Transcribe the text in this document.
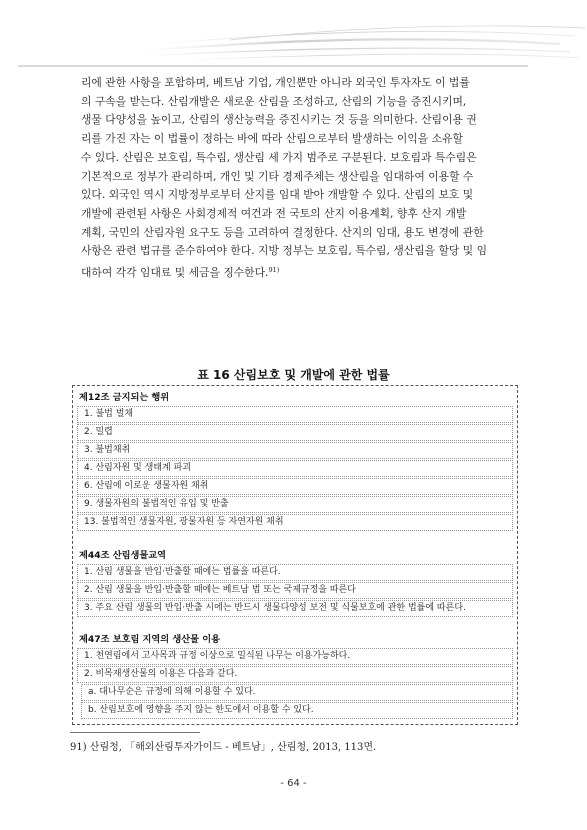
리에 관한 사항을 포함하며, 베트남 기업, 개인뿐만 아니라 외국인 투자자도 이 법률
의 구속을 받는다. 산림개발은 새로운 산림을 조성하고, 산림의 기능을 증진시키며,
생물 다양성을 높이고, 산림의 생산능력을 증진시키는 것 등을 의미한다. 산림이용 권
리를 가진 자는 이 법률이 정하는 바에 따라 산림으로부터 발생하는 이익을 소유할
수 있다. 산림은 보호림, 특수림, 생산림 세 가지 범주로 구분된다. 보호림과 특수림은
기본적으로 정부가 관리하며, 개인 및 기타 경제주체는 생산림을 임대하여 이용할 수
있다. 외국인 역시 지방정부로부터 산지를 임대 받아 개발할 수 있다. 산림의 보호 및
개발에 관련된 사항은 사회경제적 여건과 전 국토의 산지 이용계획, 향후 산지 개발
계획, 국민의 산림자원 요구도 등을 고려하여 결정한다. 산지의 임대, 용도 변경에 관한
사항은 관련 법규를 준수하여야 한다. 지방 정부는 보호림, 특수림, 생산림을 할당 및 임
대하여 각각 임대료 및 세금을 징수한다.$^{91)}$
표 16 산림보호 및 개발에 관한 법률
제12조 금지되는 행위
1. 불법 벌채
2. 밀렵
3. 불법채취
4. 산림자원 및 생태계 파괴
6. 산림에 이로운 생물자원 채취
9. 생물자원의 불법적인 유입 및 반출
13. 불법적인 생물자원, 광물자원 등 자연자원 채취
제44조 산림생물교역
1. 산림 생물을 반입·반출할 때에는 법률을 따른다.
2. 산림 생물을 반입·반출할 때에는 베트남 법 또는 국제규정을 따른다
3. 주요 산림 생물의 반입·반출 시에는 반드시 생물다양성 보전 및 식물보호에 관한 법률에 따른다.
제47조 보호림 지역의 생산물 이용
1. 천연림에서 고사목과 규정 이상으로 밀식된 나무는 이용가능하다.
2. 비목재생산물의 이용은 다음과 같다.
a. 대나무순은 규정에 의해 이용할 수 있다.
b. 산림보호에 영향을 주지 않는 한도에서 이용할 수 있다.
91) 산림청, 「해외산림투자가이드 - 베트남」, 산림청, 2013, 113면.
- 64 -
